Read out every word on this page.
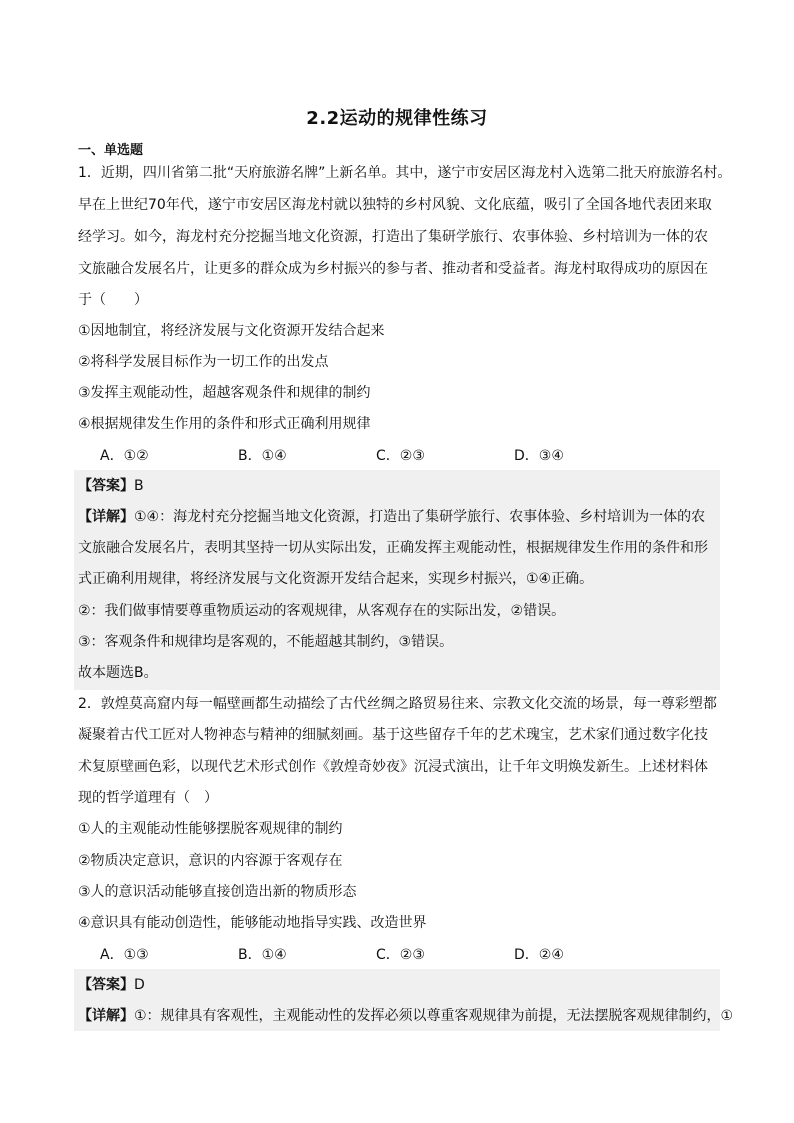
2.2运动的规律性练习
一、单选题
1．近期，四川省第二批“天府旅游名牌”上新名单。其中，遂宁市安居区海龙村入选第二批天府旅游名村。
早在上世纪70年代，遂宁市安居区海龙村就以独特的乡村风貌、文化底蕴，吸引了全国各地代表团来取
经学习。如今，海龙村充分挖掘当地文化资源，打造出了集研学旅行、农事体验、乡村培训为一体的农
文旅融合发展名片，让更多的群众成为乡村振兴的参与者、推动者和受益者。海龙村取得成功的原因在
于（　　）
①因地制宜，将经济发展与文化资源开发结合起来
②将科学发展目标作为一切工作的出发点
③发挥主观能动性，超越客观条件和规律的制约
④根据规律发生作用的条件和形式正确利用规律
A．①②	B．①④	C．②③	D．③④
【答案】B
【详解】①④：海龙村充分挖掘当地文化资源，打造出了集研学旅行、农事体验、乡村培训为一体的农
文旅融合发展名片，表明其坚持一切从实际出发，正确发挥主观能动性，根据规律发生作用的条件和形
式正确利用规律，将经济发展与文化资源开发结合起来，实现乡村振兴，①④正确。
②：我们做事情要尊重物质运动的客观规律，从客观存在的实际出发，②错误。
③：客观条件和规律均是客观的，不能超越其制约，③错误。
故本题选B。
2．敦煌莫高窟内每一幅壁画都生动描绘了古代丝绸之路贸易往来、宗教文化交流的场景，每一尊彩塑都
凝聚着古代工匠对人物神态与精神的细腻刻画。基于这些留存千年的艺术瑰宝，艺术家们通过数字化技
术复原壁画色彩，以现代艺术形式创作《敦煌奇妙夜》沉浸式演出，让千年文明焕发新生。上述材料体
现的哲学道理有（　）
①人的主观能动性能够摆脱客观规律的制约
②物质决定意识，意识的内容源于客观存在
③人的意识活动能够直接创造出新的物质形态
④意识具有能动创造性，能够能动地指导实践、改造世界
A．①③	B．①④	C．②③	D．②④
【答案】D
【详解】①：规律具有客观性，主观能动性的发挥必须以尊重客观规律为前提，无法摆脱客观规律制约，①
